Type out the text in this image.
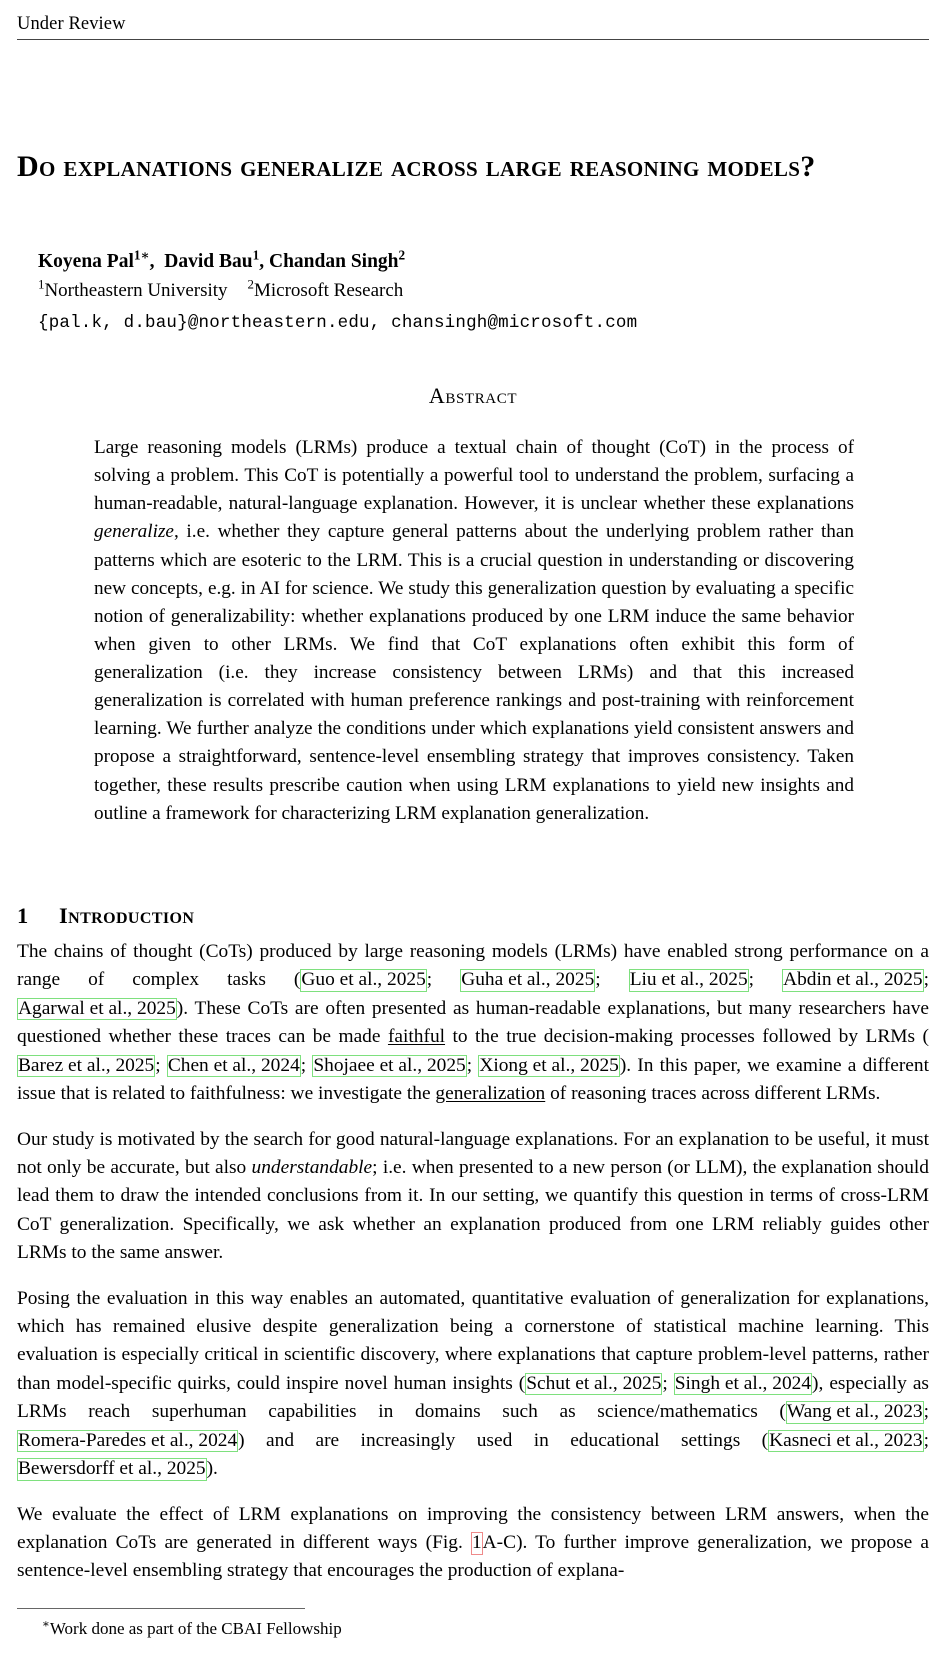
Under Review
Do explanations generalize across large reasoning models?
Koyena Pal$^{1∗}$,  David Bau$^1$, Chandan Singh$^2$
$^1$Northeastern University $^2$Microsoft Research
{pal.k, d.bau}@northeastern.edu, chansingh@microsoft.com
Abstract
Large reasoning models (LRMs) produce a textual chain of thought (CoT) in the process of solving a problem. This CoT is potentially a powerful tool to understand the problem, surfacing a human-readable, natural-language explanation. However, it is unclear whether these explanations generalize, i.e. whether they capture general patterns about the underlying problem rather than patterns which are esoteric to the LRM. This is a crucial question in understanding or discovering new concepts, e.g. in AI for science. We study this generalization question by evaluating a specific notion of generalizability: whether explanations produced by one LRM induce the same behavior when given to other LRMs. We find that CoT explanations often exhibit this form of generalization (i.e. they increase consistency between LRMs) and that this increased generalization is correlated with human preference rankings and post-training with reinforcement learning. We further analyze the conditions under which explanations yield consistent answers and propose a straightforward, sentence-level ensembling strategy that improves consistency. Taken together, these results prescribe caution when using LRM explanations to yield new insights and outline a framework for characterizing LRM explanation generalization.
1 Introduction

The chains of thought (CoTs) produced by large reasoning models (LRMs) have enabled strong performance on a range of complex tasks (Guo et al., 2025; Guha et al., 2025; Liu et al., 2025; Abdin et al., 2025; Agarwal et al., 2025). These CoTs are often presented as human-readable explanations, but many researchers have questioned whether these traces can be made faithful to the true decision-making processes followed by LRMs (Barez et al., 2025; Chen et al., 2024; Shojaee et al., 2025; Xiong et al., 2025). In this paper, we examine a different issue that is related to faithfulness: we investigate the generalization of reasoning traces across different LRMs.

Our study is motivated by the search for good natural-language explanations. For an explanation to be useful, it must not only be accurate, but also understandable; i.e. when presented to a new person (or LLM), the explanation should lead them to draw the intended conclusions from it. In our setting, we quantify this question in terms of cross-LRM CoT generalization. Specifically, we ask whether an explanation produced from one LRM reliably guides other LRMs to the same answer.

Posing the evaluation in this way enables an automated, quantitative evaluation of generalization for explanations, which has remained elusive despite generalization being a cornerstone of statistical machine learning. This evaluation is especially critical in scientific discovery, where explanations that capture problem-level patterns, rather than model-specific quirks, could inspire novel human insights (Schut et al., 2025; Singh et al., 2024), especially as LRMs reach superhuman capabilities in domains such as science/mathematics (Wang et al., 2023; Romera-Paredes et al., 2024) and are increasingly used in educational settings (Kasneci et al., 2023; Bewersdorff et al., 2025).

We evaluate the effect of LRM explanations on improving the consistency between LRM answers, when the explanation CoTs are generated in different ways (Fig. 1A-C). To further improve generalization, we propose a sentence-level ensembling strategy that encourages the production of explana-

∗Work done as part of the CBAI Fellowship
